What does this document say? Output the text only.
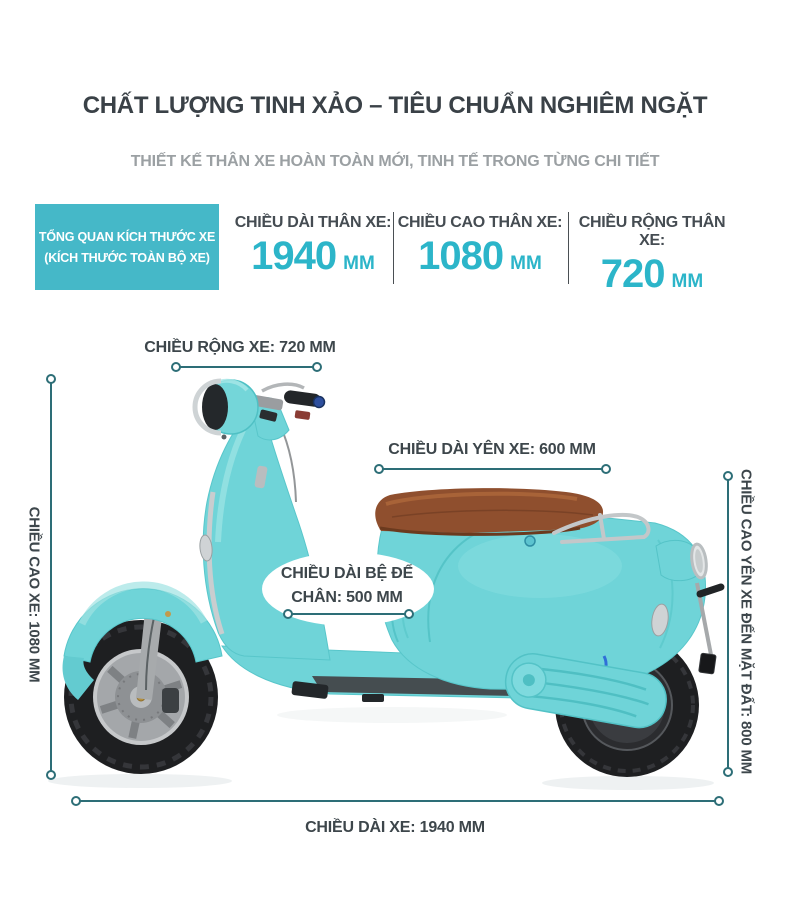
CHẤT LƯỢNG TINH XẢO – TIÊU CHUẨN NGHIÊM NGẶT
THIẾT KẾ THÂN XE HOÀN TOÀN MỚI, TINH TẾ TRONG TỪNG CHI TIẾT
TỔNG QUAN KÍCH THƯỚC XE
(KÍCH THƯỚC TOÀN BỘ XE)
CHIỀU DÀI THÂN XE:
1940 MM
CHIỀU CAO THÂN XE:
1080 MM
CHIỀU RỘNG THÂN XE:
720 MM
CHIỀU RỘNG XE: 720 MM
CHIỀU DÀI YÊN XE: 600 MM
CHIỀU DÀI BỆ ĐỂ
CHÂN: 500 MM
CHIỀU CAO XE: 1080 MM	CHIỀU CAO YÊN XE ĐẾN MẶT ĐẤT: 800 MM
CHIỀU DÀI XE: 1940 MM
